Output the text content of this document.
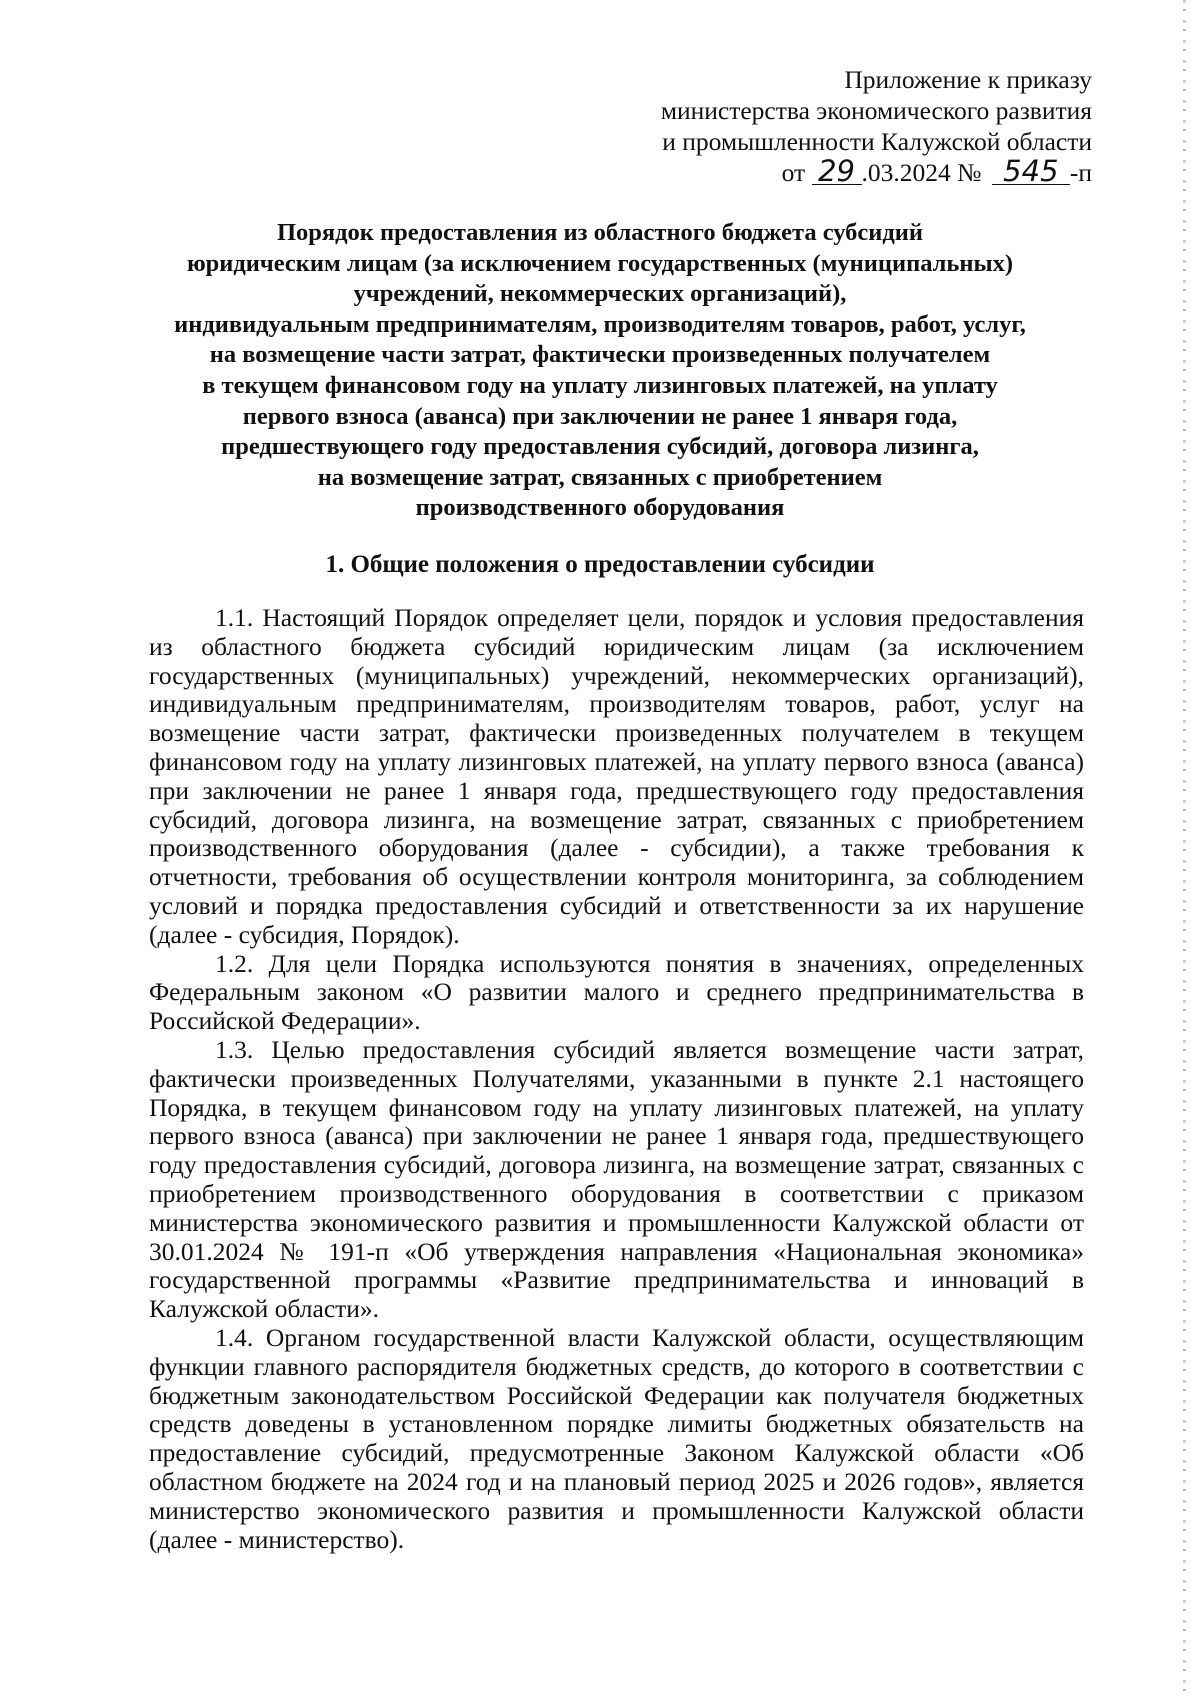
Приложение к приказу
министерства экономического развития
и промышленности Калужской области
от 29 .03.2024 № 545 -п
Порядок предоставления из областного бюджета субсидий
юридическим лицам (за исключением государственных (муниципальных)
учреждений, некоммерческих организаций),
индивидуальным предпринимателям, производителям товаров, работ, услуг,
на возмещение части затрат, фактически произведенных получателем
в текущем финансовом году на уплату лизинговых платежей, на уплату
первого взноса (аванса) при заключении не ранее 1 января года,
предшествующего году предоставления субсидий, договора лизинга,
на возмещение затрат, связанных с приобретением
производственного оборудования
1. Общие положения о предоставлении субсидии

1.1. Настоящий Порядок определяет цели, порядок и условия предоставления из областного бюджета субсидий юридическим лицам (за исключением государственных (муниципальных) учреждений, некоммерческих организаций), индивидуальным предпринимателям, производителям товаров, работ, услуг на возмещение части затрат, фактически произведенных получателем в текущем финансовом году на уплату лизинговых платежей, на уплату первого взноса (аванса) при заключении не ранее 1 января года, предшествующего году предоставления субсидий, договора лизинга, на возмещение затрат, связанных с приобретением производственного оборудования (далее - субсидии), а также требования к отчетности, требования об осуществлении контроля мониторинга, за соблюдением условий и порядка предоставления субсидий и ответственности за их нарушение (далее - субсидия, Порядок).

1.2. Для цели Порядка используются понятия в значениях, определенных Федеральным законом «О развитии малого и среднего предпринимательства в Российской Федерации».

1.3. Целью предоставления субсидий является возмещение части затрат, фактически произведенных Получателями, указанными в пункте 2.1 настоящего Порядка, в текущем финансовом году на уплату лизинговых платежей, на уплату первого взноса (аванса) при заключении не ранее 1 января года, предшествующего году предоставления субсидий, договора лизинга, на возмещение затрат, связанных с приобретением производственного оборудования в соответствии с приказом министерства экономического развития и промышленности Калужской области от 30.01.2024 № 191-п «Об утверждения направления «Национальная экономика» государственной программы «Развитие предпринимательства и инноваций в Калужской области».

1.4. Органом государственной власти Калужской области, осуществляющим функции главного распорядителя бюджетных средств, до которого в соответствии с бюджетным законодательством Российской Федерации как получателя бюджетных средств доведены в установленном порядке лимиты бюджетных обязательств на предоставление субсидий, предусмотренные Законом Калужской области «Об областном бюджете на 2024 год и на плановый период 2025 и 2026 годов», является министерство экономического развития и промышленности Калужской области (далее - министерство).
